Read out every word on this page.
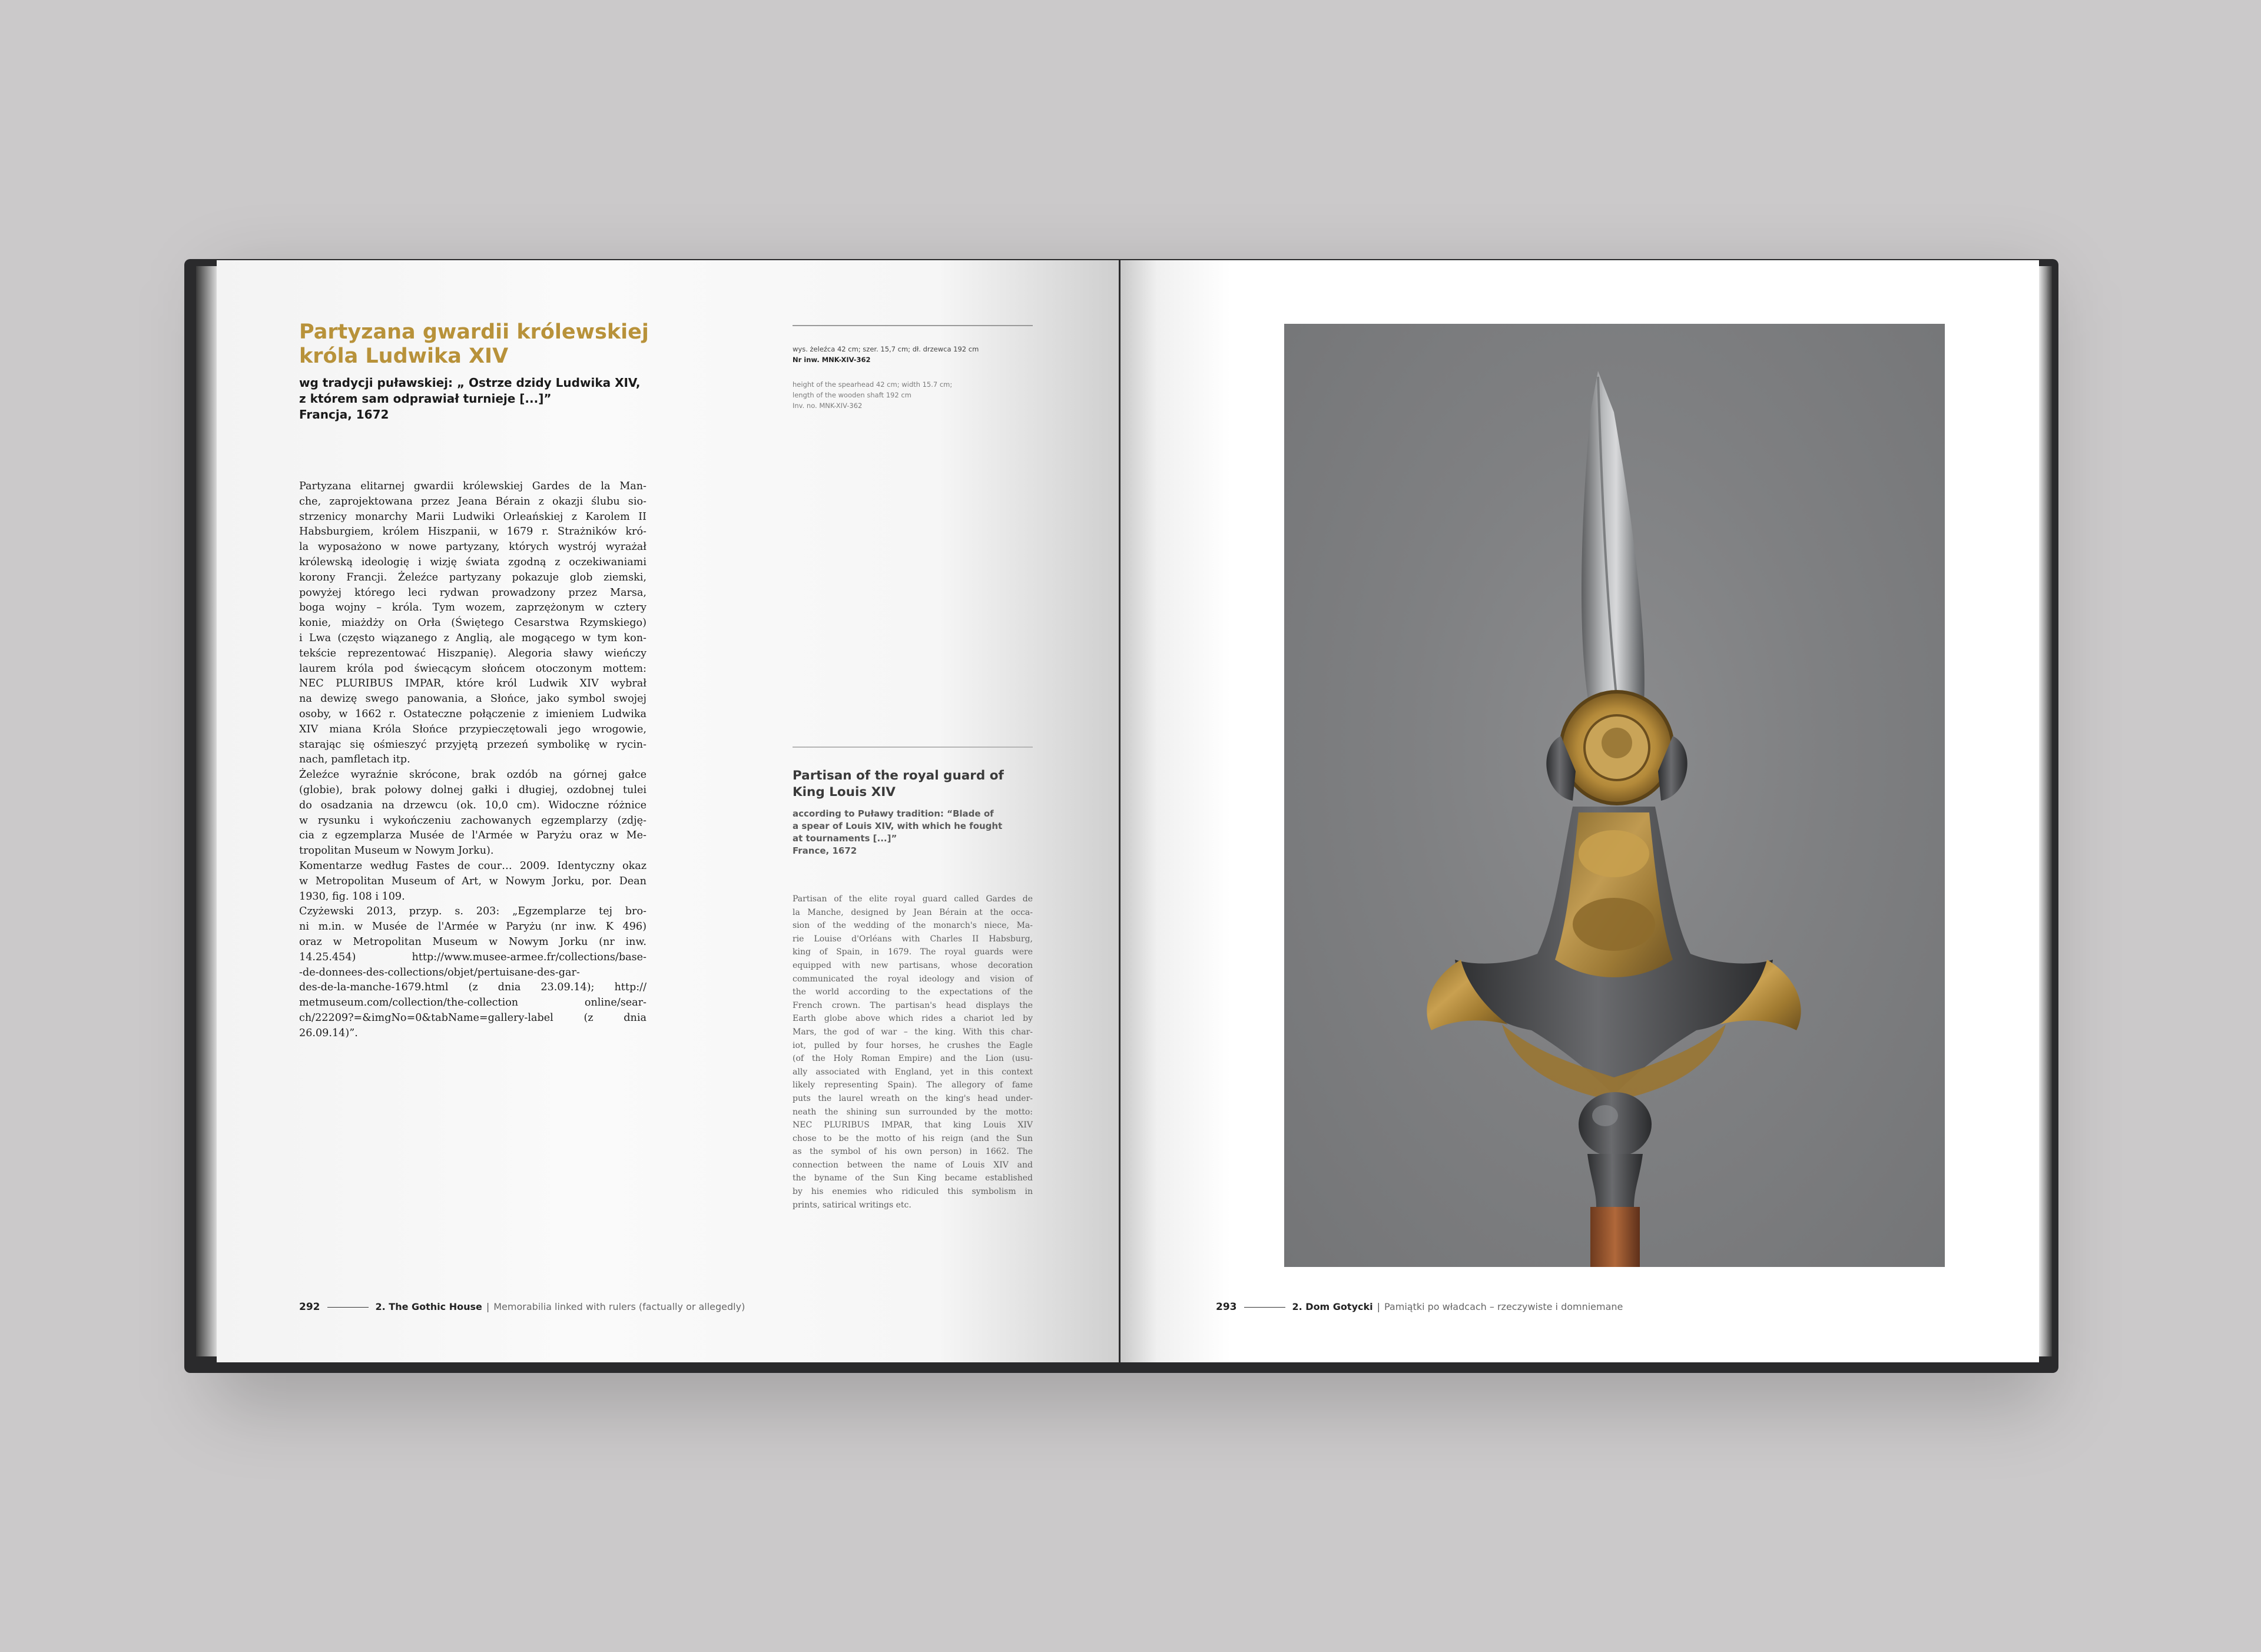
Partyzana gwardii królewskiej
króla Ludwika XIV
wg tradycji puławskiej: „ Ostrze dzidy Ludwika XIV,
z którem sam odprawiał turnieje [...]”
Francja, 1672
Partyzana elitarnej gwardii królewskiej Gardes de la Man-
che, zaprojektowana przez Jeana Bérain z okazji ślubu sio-
strzenicy monarchy Marii Ludwiki Orleańskiej z Karolem II
Habsburgiem, królem Hiszpanii, w 1679 r. Strażników kró-
la wyposażono w nowe partyzany, których wystrój wyrażał
królewską ideologię i wizję świata zgodną z oczekiwaniami
korony Francji. Żeleźce partyzany pokazuje glob ziemski,
powyżej którego leci rydwan prowadzony przez Marsa,
boga wojny – króla. Tym wozem, zaprzężonym w cztery
konie, miażdży on Orła (Świętego Cesarstwa Rzymskiego)
i Lwa (często wiązanego z Anglią, ale mogącego w tym kon-
tekście reprezentować Hiszpanię). Alegoria sławy wieńczy
laurem króla pod świecącym słońcem otoczonym mottem:
NEC PLURIBUS IMPAR, które król Ludwik XIV wybrał
na dewizę swego panowania, a Słońce, jako symbol swojej
osoby, w 1662 r. Ostateczne połączenie z imieniem Ludwika
XIV miana Króla Słońce przypieczętowali jego wrogowie,
starając się ośmieszyć przyjętą przezeń symbolikę w rycin-
nach, pamfletach itp.
Żeleźce wyraźnie skrócone, brak ozdób na górnej gałce
(globie), brak połowy dolnej gałki i długiej, ozdobnej tulei
do osadzania na drzewcu (ok. 10,0 cm). Widoczne różnice
w rysunku i wykończeniu zachowanych egzemplarzy (zdję-
cia z egzemplarza Musée de l'Armée w Paryżu oraz w Me-
tropolitan Museum w Nowym Jorku).
Komentarze według Fastes de cour… 2009. Identyczny okaz
w Metropolitan Museum of Art, w Nowym Jorku, por. Dean
1930, fig. 108 i 109.
Czyżewski 2013, przyp. s. 203: „Egzemplarze tej bro-
ni m.in. w Musée de l'Armée w Paryżu (nr inw. K 496)
oraz w Metropolitan Museum w Nowym Jorku (nr inw.
14.25.454) http://www.musee-armee.fr/collections/base-
-de-donnees-des-collections/objet/pertuisane-des-gar-
des-de-la-manche-1679.html (z dnia 23.09.14); http://
metmuseum.com/collection/the-collection online/sear-
ch/22209?=&imgNo=0&tabName=gallery-label (z dnia
26.09.14)”.
wys. żeleźca 42 cm; szer. 15,7 cm; dł. drzewca 192 cm
Nr inw. MNK-XIV-362
height of the spearhead 42 cm; width 15.7 cm;
length of the wooden shaft 192 cm
Inv. no. MNK-XIV-362
Partisan of the royal guard of
King Louis XIV
according to Puławy tradition: “Blade of
a spear of Louis XIV, with which he fought
at tournaments [...]”
France, 1672
Partisan of the elite royal guard called Gardes de
la Manche, designed by Jean Bérain at the occa-
sion of the wedding of the monarch's niece, Ma-
rie Louise d'Orléans with Charles II Habsburg,
king of Spain, in 1679. The royal guards were
equipped with new partisans, whose decoration
communicated the royal ideology and vision of
the world according to the expectations of the
French crown. The partisan's head displays the
Earth globe above which rides a chariot led by
Mars, the god of war – the king. With this char-
iot, pulled by four horses, he crushes the Eagle
(of the Holy Roman Empire) and the Lion (usu-
ally associated with England, yet in this context
likely representing Spain). The allegory of fame
puts the laurel wreath on the king's head under-
neath the shining sun surrounded by the motto:
NEC PLURIBUS IMPAR, that king Louis XIV
chose to be the motto of his reign (and the Sun
as the symbol of his own person) in 1662. The
connection between the name of Louis XIV and
the byname of the Sun King became established
by his enemies who ridiculed this symbolism in
prints, satirical writings etc.
292	2. The Gothic House | Memorabilia linked with rulers (factually or allegedly)	293	2. Dom Gotycki | Pamiątki po władcach – rzeczywiste i domniemane
